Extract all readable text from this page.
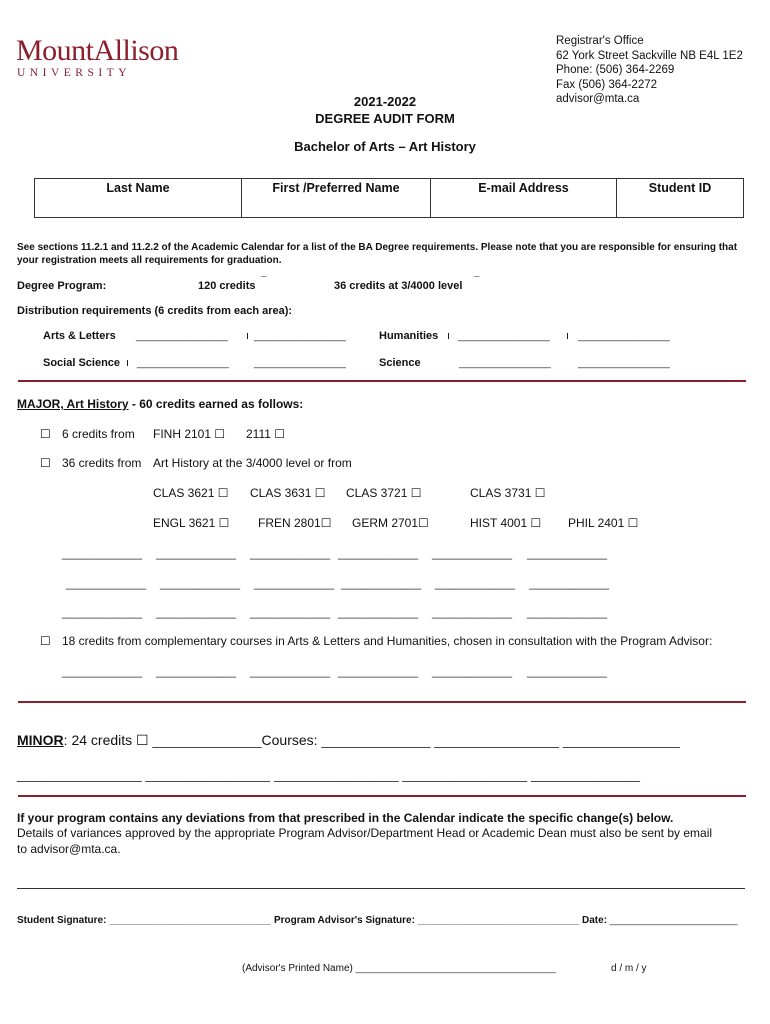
MountAllison
UNIVERSITY
Registrar's Office
62 York Street Sackville NB E4L 1E2
Phone: (506) 364-2269
Fax (506) 364-2272
advisor@mta.ca
2021-2022
DEGREE AUDIT FORM
Bachelor of Arts – Art History
Last Name	First /Preferred Name	E-mail Address	Student ID
See sections 11.2.1 and 11.2.2 of the Academic Calendar for a list of the BA Degree requirements. Please note that you are responsible for ensuring that
your registration meets all requirements for graduation.
Degree Program:	120 credits ¯	36 credits at 3/4000 level ¯
Distribution requirements (6 credits from each area):
Arts & Letters _______________ ı _______________	Humanities ı _______________ ı _______________
Social Science ı _______________ _______________	Science	_______________ _______________
MAJOR, Art History - 60 credits earned as follows:
☐ 6 credits from FINH 2101 ☐ 2111 ☐
☐ 36 credits from Art History at the 3/4000 level or from
CLAS 3621 ☐ CLAS 3631 ☐ CLAS 3721 ☐	CLAS 3731 ☐
ENGL 3621 ☐ FREN 2801☐ GERM 2701☐	HIST 4001 ☐ PHIL 2401 ☐
____________ ____________ ____________ ____________ ____________ ____________
____________ ____________ ____________ ____________ ____________ ____________
____________ ____________ ____________ ____________ ____________ ____________
☐ 18 credits from complementary courses in Arts & Letters and Humanities, chosen in consultation with the Program Advisor:
____________ ____________ ____________ ____________ ____________ ____________
MINOR: 24 credits ☐ ______________Courses: ______________ ________________ _______________
________________ ________________ ________________ ________________ ______________
If your program contains any deviations from that prescribed in the Calendar indicate the specific change(s) below.
Details of variances approved by the appropriate Program Advisor/Department Head or Academic Dean must also be sent by email
to advisor@mta.ca.
Student Signature: _____________________________ Program Advisor's Signature: _____________________________ Date: _______________________
(Advisor's Printed Name) ____________________________________	d / m / y
